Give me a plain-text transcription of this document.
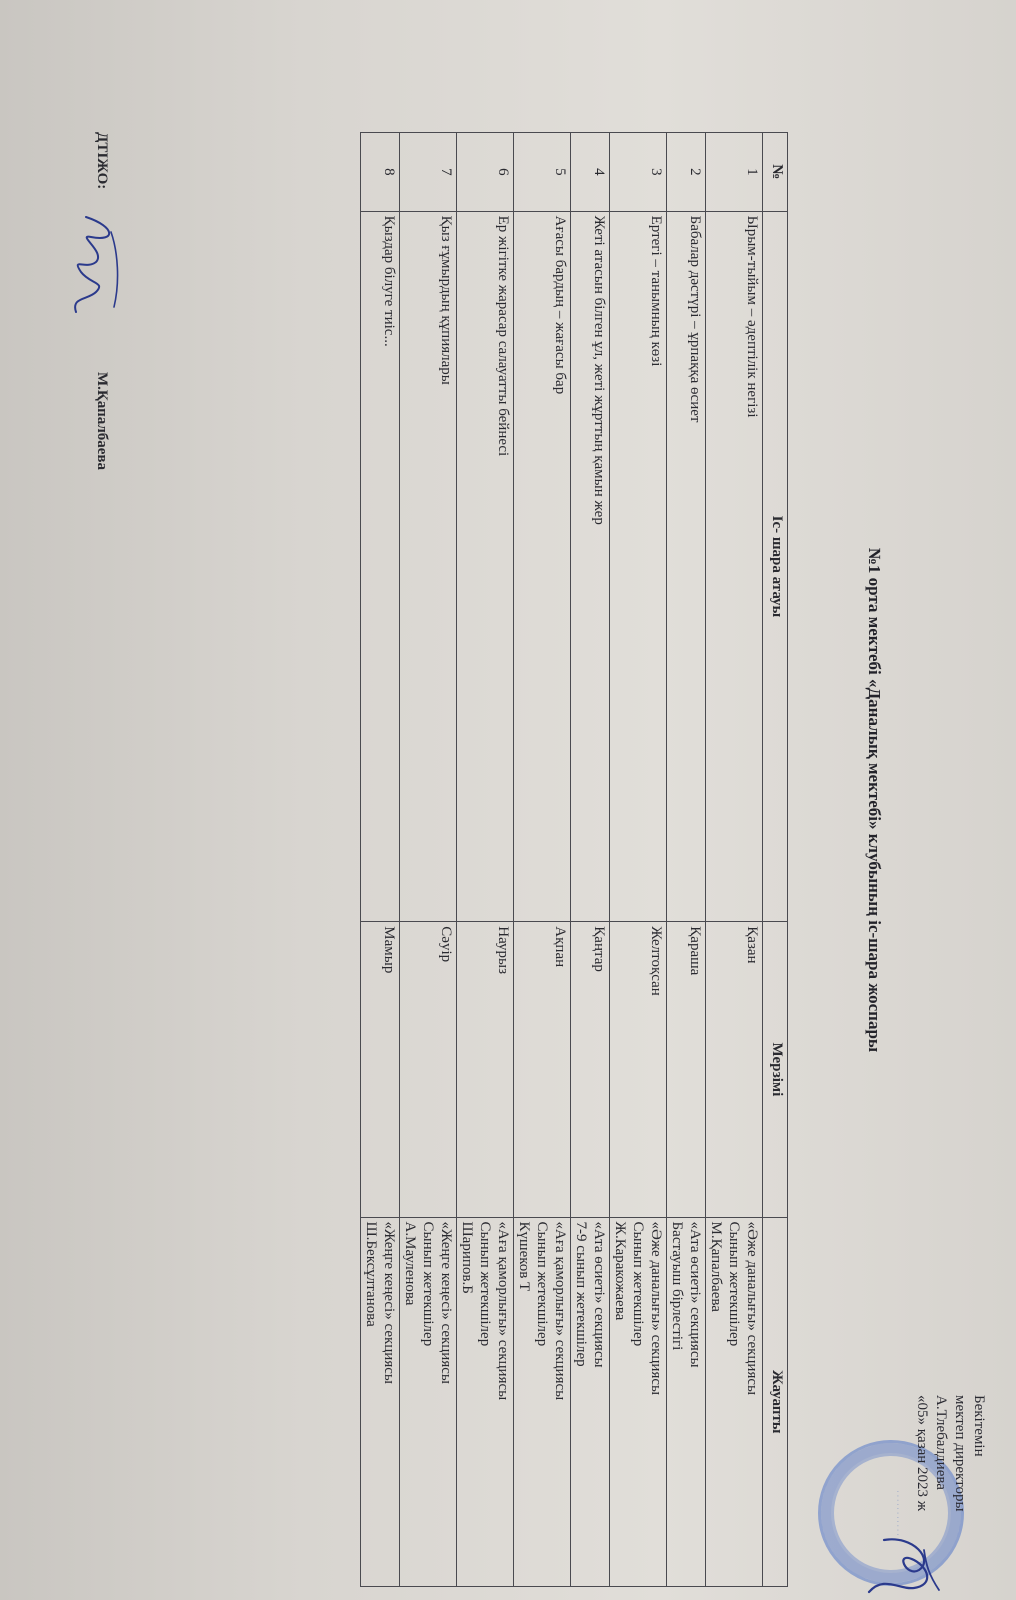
· · · · · · · · · · ·
Бекітемін
мектеп директоры
А.Тлебалдиева
«05» қазан 2023 ж
№1 орта мектебі «Даналық мектебі» клубының іс-шара жоспары
№	Іс- шара атауы	Мерзімі	Жауапты
1	Ырым-тыйым – әдептілік негізі	Қазан	«Әже даналығы» секциясы
Сынып жетекшілер
М.Қапалбаева

2	Бабалар дәстүрі – ұрпаққа өсиет	Қараша	«Ата өсиеті» секциясы
Бастауыш бірлестігі

3	Ертегі – танымның көзі	Желтоқсан	«Әже даналығы» секциясы
Сынып жетекшілер
Ж.Каракожаева

4	Жеті атасын білген ұл, жеті жұрттың қамын жер	Қаңтар	«Ата өсиеті» секциясы
7-9 сынып жетекшілер

5	Ағасы бардың – жағасы бар	Ақпан	«Аға қаморлығы» секциясы
Сынып жетекшілер
Күшеков Т

6	Ер жігітке жарасар салауатты бейнесі	Наурыз	«Аға қаморлығы» секциясы
Сынып жетекшілер
Шарипов.Б

7	Қыз ғұмырдың құпиялары	Сәуір	«Жеңге кеңесі» секциясы
Сынып жетекшілер
А.Мауленова

8	Қыздар білуге тиіс...	Мамыр	«Жеңге кеңесі» секциясы
Ш.Бексұлтанова
ДТІЖО:
М.Қапалбаева
